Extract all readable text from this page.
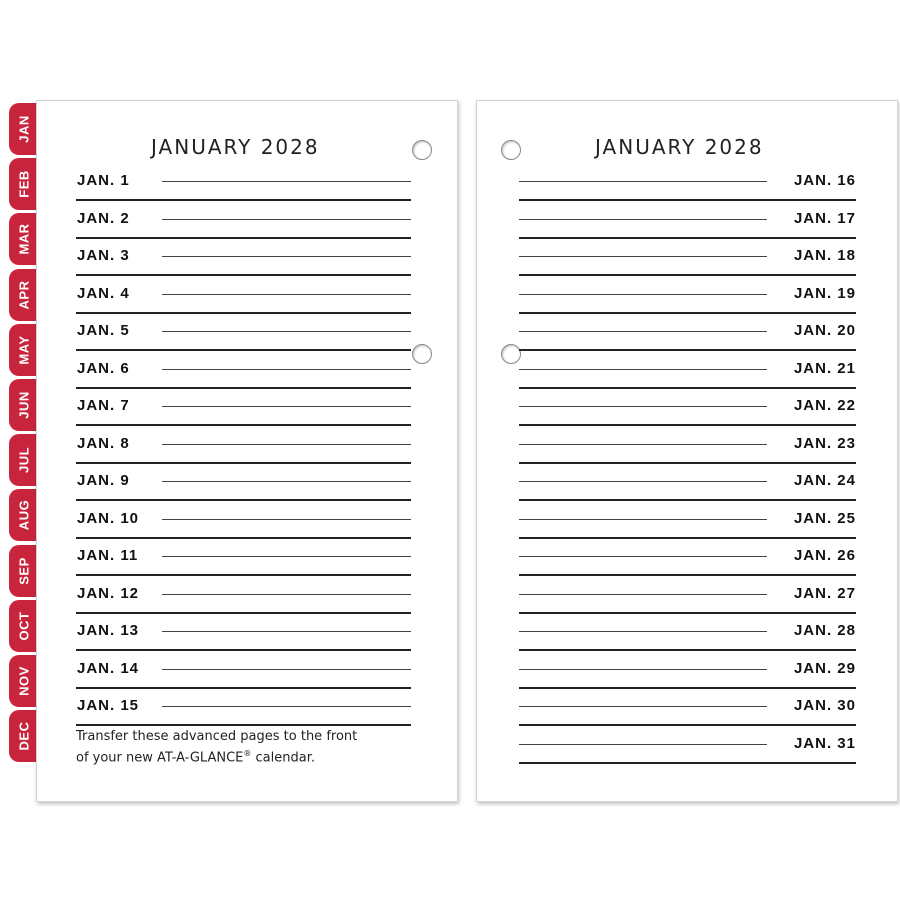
JAN
FEB
MAR
APR
MAY
JUN
JUL
AUG
SEP
OCT
NOV
DEC
JANUARY 2028	JANUARY 2028
JAN. 1
JAN. 2
JAN. 3
JAN. 4
JAN. 5
JAN. 6
JAN. 7
JAN. 8
JAN. 9
JAN. 10
JAN. 11
JAN. 12
JAN. 13
JAN. 14
JAN. 15
JAN. 16
JAN. 17
JAN. 18
JAN. 19
JAN. 20
JAN. 21
JAN. 22
JAN. 23
JAN. 24
JAN. 25
JAN. 26
JAN. 27
JAN. 28
JAN. 29
JAN. 30
JAN. 31
Transfer these advanced pages to the front
of your new AT-A-GLANCE® calendar.
